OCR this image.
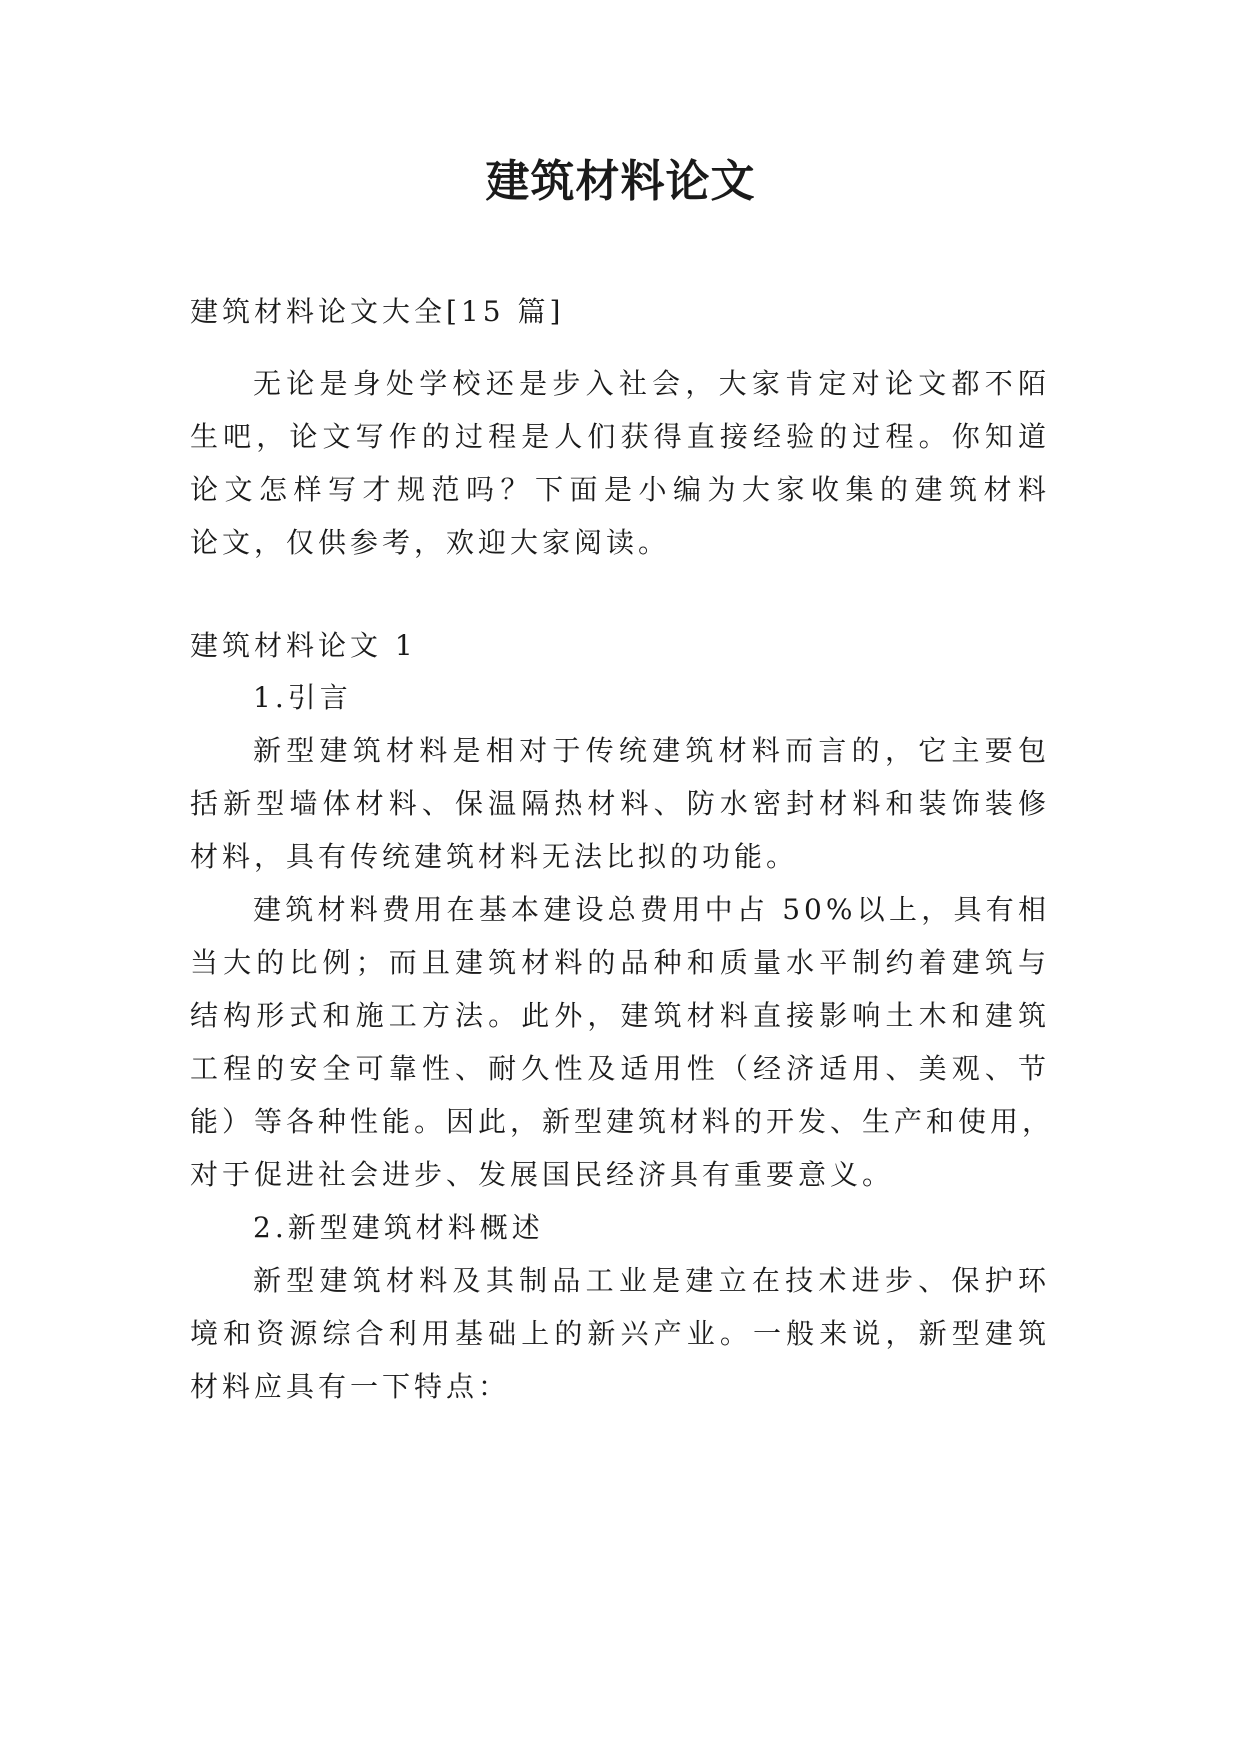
建筑材料论文
建筑材料论文大全[15 篇]
无论是身处学校还是步入社会，大家肯定对论文都不陌
生吧，论文写作的过程是人们获得直接经验的过程。你知道
论文怎样写才规范吗？下面是小编为大家收集的建筑材料
论文，仅供参考，欢迎大家阅读。
建筑材料论文 1
1.引言
新型建筑材料是相对于传统建筑材料而言的，它主要包
括新型墙体材料、保温隔热材料、防水密封材料和装饰装修
材料，具有传统建筑材料无法比拟的功能。
建筑材料费用在基本建设总费用中占 50%以上，具有相
当大的比例；而且建筑材料的品种和质量水平制约着建筑与
结构形式和施工方法。此外，建筑材料直接影响土木和建筑
工程的安全可靠性、耐久性及适用性（经济适用、美观、节
能）等各种性能。因此，新型建筑材料的开发、生产和使用，
对于促进社会进步、发展国民经济具有重要意义。
2.新型建筑材料概述
新型建筑材料及其制品工业是建立在技术进步、保护环
境和资源综合利用基础上的新兴产业。一般来说，新型建筑
材料应具有一下特点：
